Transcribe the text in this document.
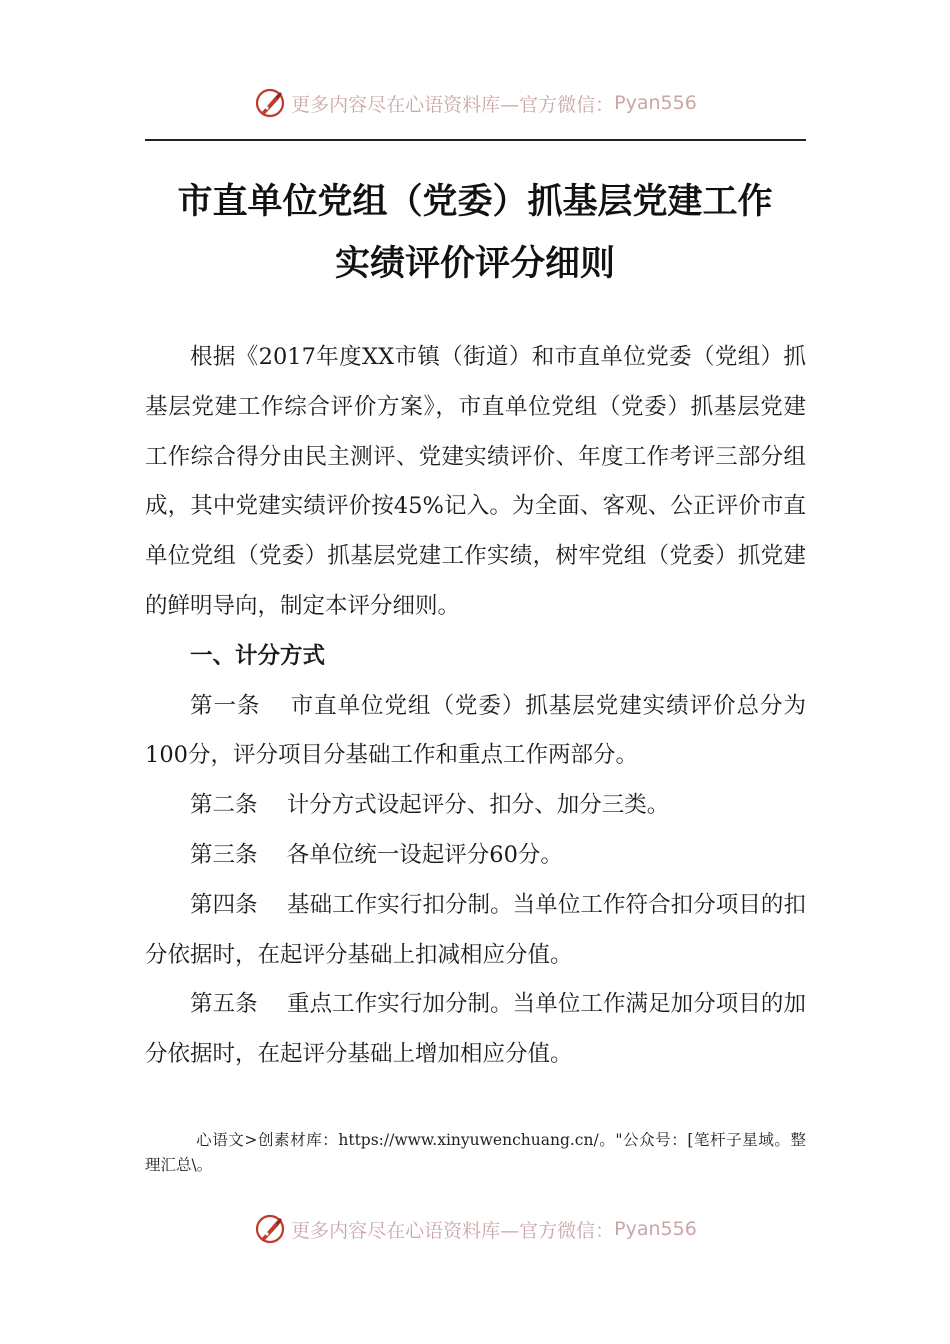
更多内容尽在心语资料库—官方微信： Pyan556
市直单位党组（党委）抓基层党建工作
实绩评价评分细则

根据《2017年度XX市镇（街道）和市直单位党委（党组）抓基层党建工作综合评价方案》，市直单位党组（党委）抓基层党建工作综合得分由民主测评、党建实绩评价、年度工作考评三部分组成，其中党建实绩评价按45%记入。为全面、客观、公正评价市直单位党组（党委）抓基层党建工作实绩，树牢党组（党委）抓党建的鲜明导向，制定本评分细则。

一、计分方式

第一条 市直单位党组（党委）抓基层党建实绩评价总分为100分，评分项目分基础工作和重点工作两部分。

第二条 计分方式设起评分、扣分、加分三类。

第三条 各单位统一设起评分60分。

第四条 基础工作实行扣分制。当单位工作符合扣分项目的扣分依据时，在起评分基础上扣减相应分值。

第五条 重点工作实行加分制。当单位工作满足加分项目的加分依据时，在起评分基础上增加相应分值。

心语文>创素材库：https://www.xinyuwenchuang.cn/。"公众号：[笔杆子星域。整理汇总\。

更多内容尽在心语资料库—官方微信： Pyan556
